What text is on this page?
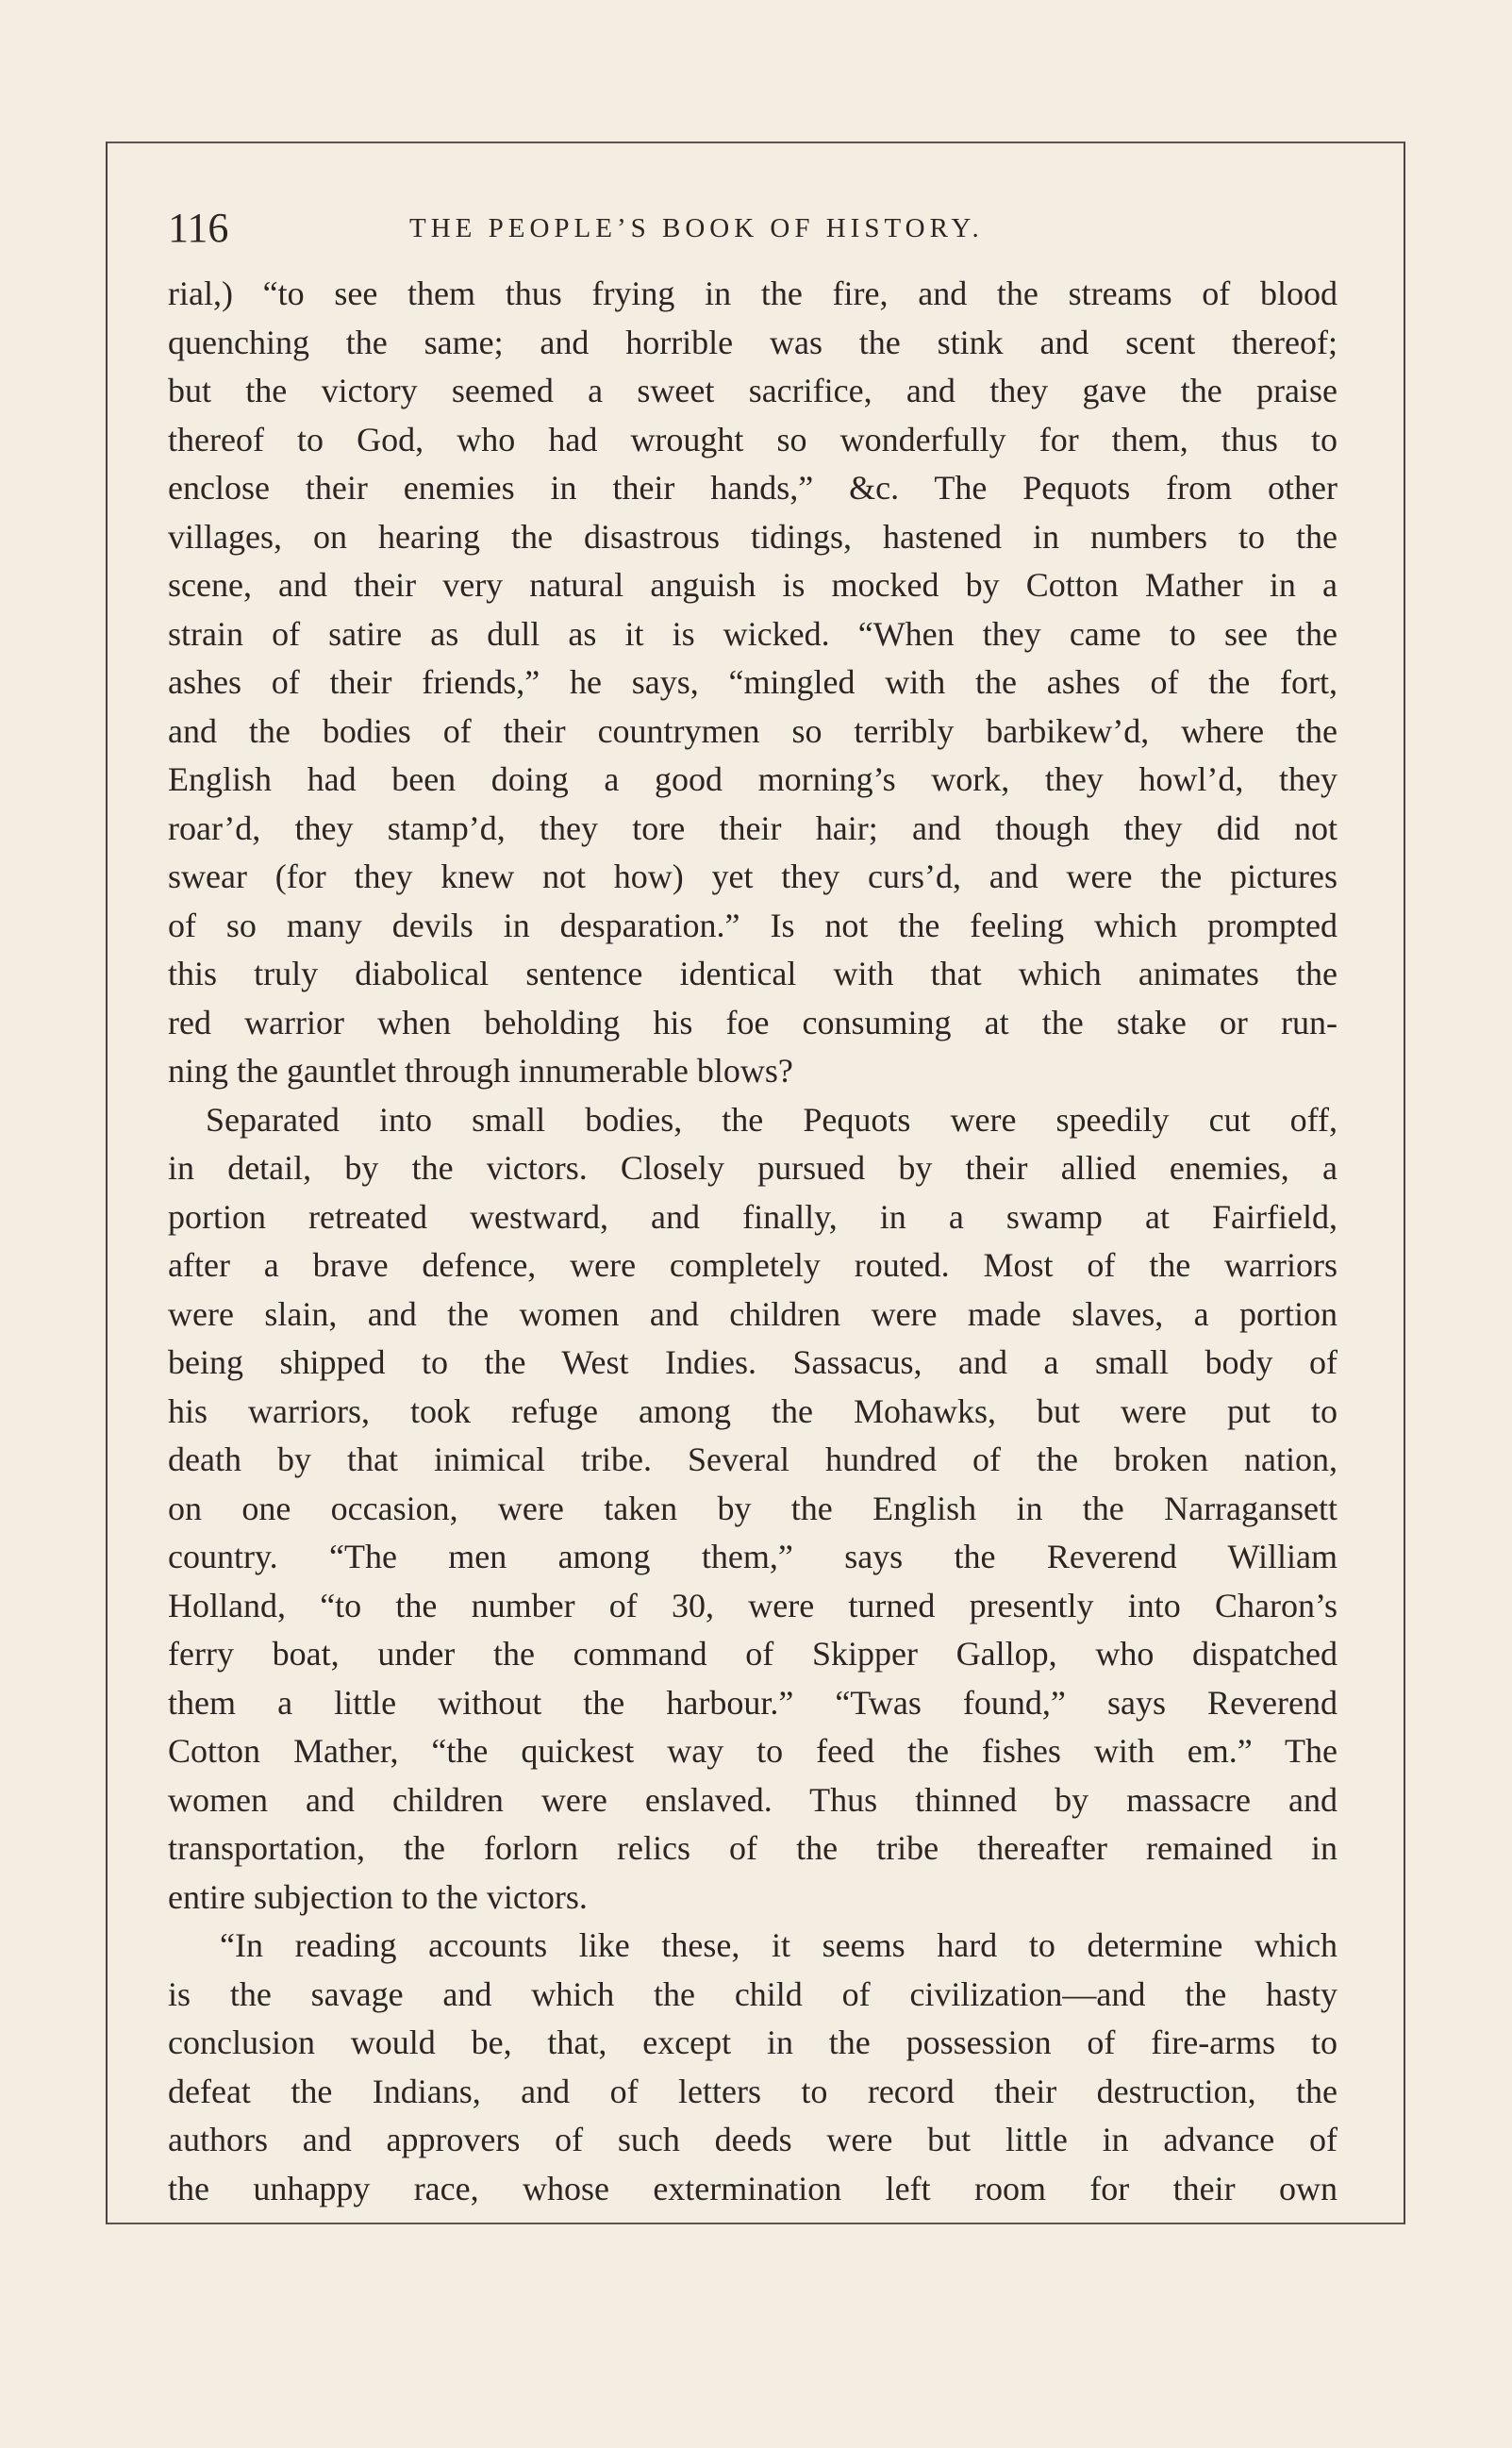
116	THE PEOPLE’S BOOK OF HISTORY.
rial,) “to see them thus frying in the fire, and the streams of blood
quenching the same; and horrible was the stink and scent thereof;
but the victory seemed a sweet sacrifice, and they gave the praise
thereof to God, who had wrought so wonderfully for them, thus to
enclose their enemies in their hands,” &c. The Pequots from other
villages, on hearing the disastrous tidings, hastened in numbers to the
scene, and their very natural anguish is mocked by Cotton Mather in a
strain of satire as dull as it is wicked. “When they came to see the
ashes of their friends,” he says, “mingled with the ashes of the fort,
and the bodies of their countrymen so terribly barbikew’d, where the
English had been doing a good morning’s work, they howl’d, they
roar’d, they stamp’d, they tore their hair; and though they did not
swear (for they knew not how) yet they curs’d, and were the pictures
of so many devils in desparation.” Is not the feeling which prompted
this truly diabolical sentence identical with that which animates the
red warrior when beholding his foe consuming at the stake or run-
ning the gauntlet through innumerable blows?
Separated into small bodies, the Pequots were speedily cut off,
in detail, by the victors. Closely pursued by their allied enemies, a
portion retreated westward, and finally, in a swamp at Fairfield,
after a brave defence, were completely routed. Most of the warriors
were slain, and the women and children were made slaves, a portion
being shipped to the West Indies. Sassacus, and a small body of
his warriors, took refuge among the Mohawks, but were put to
death by that inimical tribe. Several hundred of the broken nation,
on one occasion, were taken by the English in the Narragansett
country. “The men among them,” says the Reverend William
Holland, “to the number of 30, were turned presently into Charon’s
ferry boat, under the command of Skipper Gallop, who dispatched
them a little without the harbour.” “Twas found,” says Reverend
Cotton Mather, “the quickest way to feed the fishes with em.” The
women and children were enslaved. Thus thinned by massacre and
transportation, the forlorn relics of the tribe thereafter remained in
entire subjection to the victors.
“In reading accounts like these, it seems hard to determine which
is the savage and which the child of civilization—and the hasty
conclusion would be, that, except in the possession of fire-arms to
defeat the Indians, and of letters to record their destruction, the
authors and approvers of such deeds were but little in advance of
the unhappy race, whose extermination left room for their own
